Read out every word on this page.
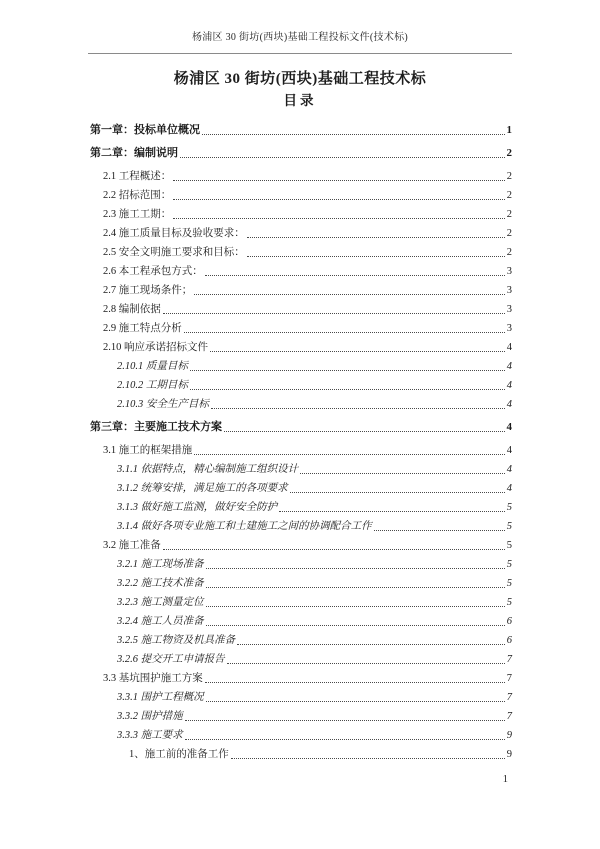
杨浦区 30 街坊(西块)基础工程投标文件(技术标)
杨浦区 30 街坊(西块)基础工程技术标
目录
第一章：投标单位概况	1
第二章：编制说明	2
2.1 工程概述：	2
2.2 招标范围：	2
2.3 施工工期：	2
2.4 施工质量目标及验收要求：	2
2.5 安全文明施工要求和目标：	2
2.6 本工程承包方式：	3
2.7 施工现场条件；	3
2.8 编制依据	3
2.9 施工特点分析	3
2.10 响应承诺招标文件	4
2.10.1 质量目标	4
2.10.2 工期目标	4
2.10.3 安全生产目标	4
第三章：主要施工技术方案	4
3.1 施工的框架措施	4
3.1.1 依据特点，精心编制施工组织设计	4
3.1.2 统筹安排，满足施工的各项要求	4
3.1.3 做好施工监测，做好安全防护	5
3.1.4 做好各项专业施工和土建施工之间的协调配合工作	5
3.2 施工准备	5
3.2.1 施工现场准备	5
3.2.2 施工技术准备	5
3.2.3 施工测量定位	5
3.2.4 施工人员准备	6
3.2.5 施工物资及机具准备	6
3.2.6 提交开工申请报告	7
3.3 基坑围护施工方案	7
3.3.1 围护工程概况	7
3.3.2 围护措施	7
3.3.3 施工要求	9
1、施工前的准备工作	9
1
